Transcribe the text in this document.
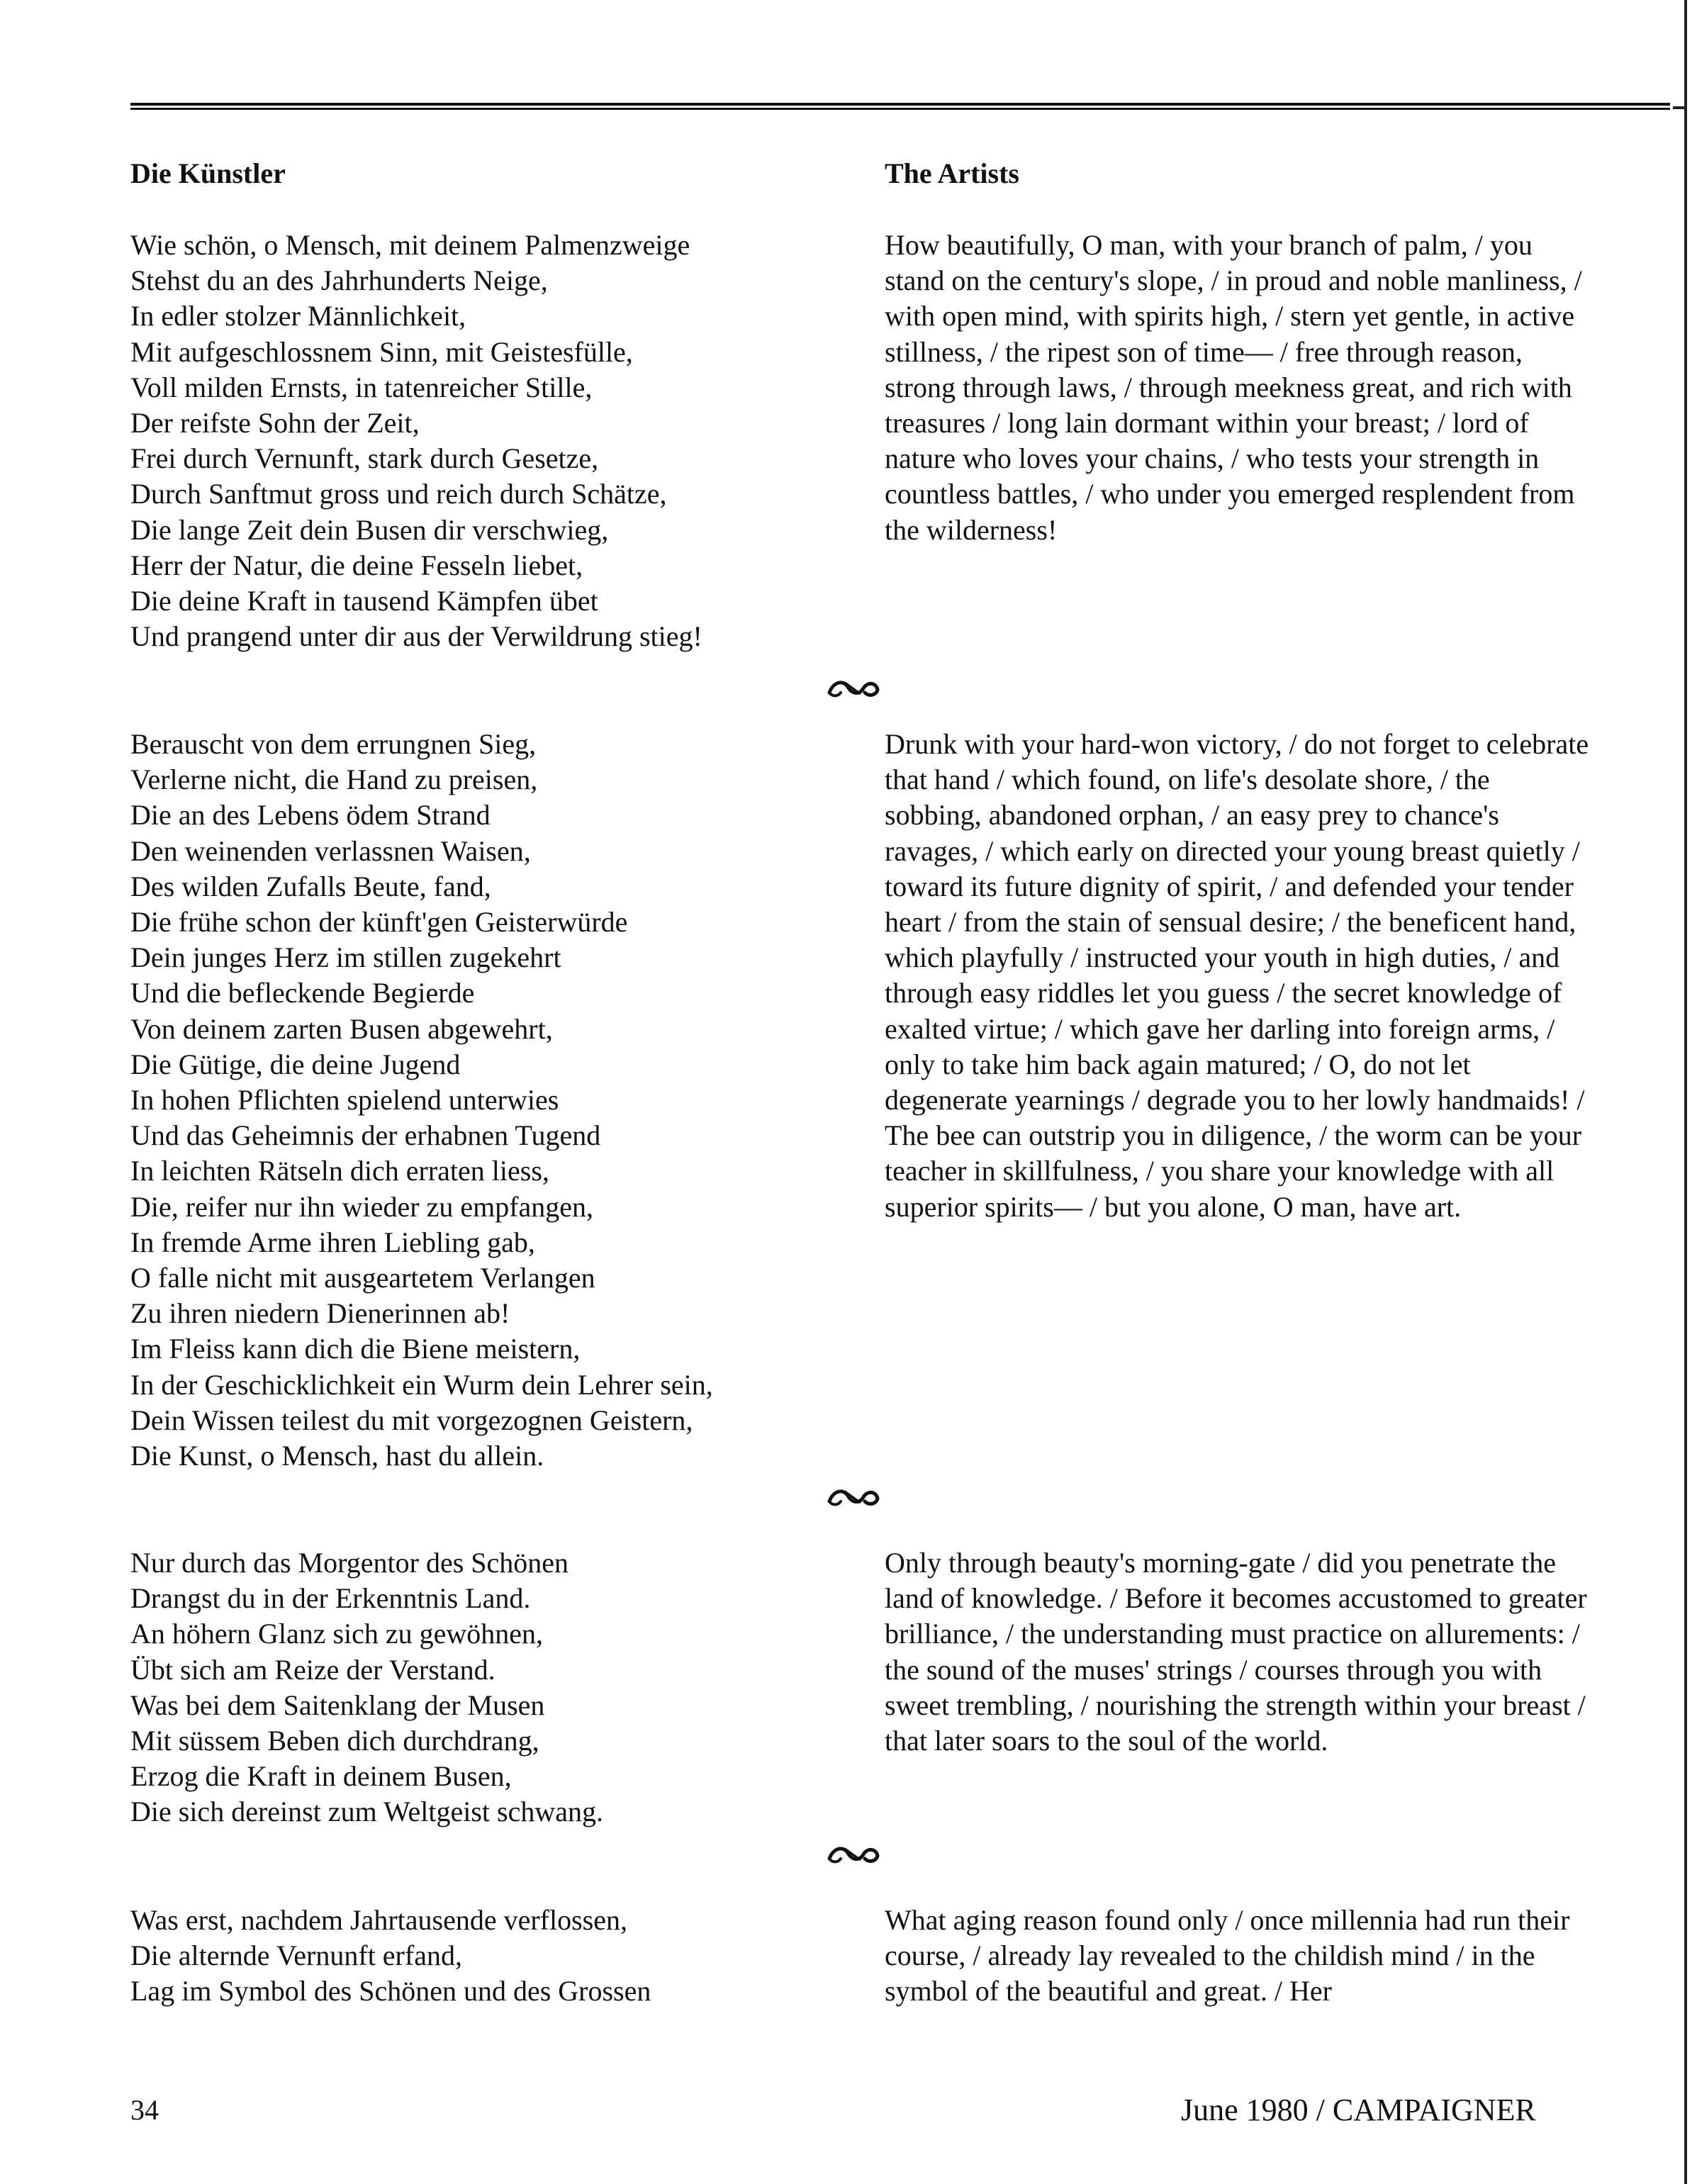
Die Künstler	The Artists
Wie schön, o Mensch, mit deinem Palmenzweige
Stehst du an des Jahrhunderts Neige,
In edler stolzer Männlichkeit,
Mit aufgeschlossnem Sinn, mit Geistesfülle,
Voll milden Ernsts, in tatenreicher Stille,
Der reifste Sohn der Zeit,
Frei durch Vernunft, stark durch Gesetze,
Durch Sanftmut gross und reich durch Schätze,
Die lange Zeit dein Busen dir verschwieg,
Herr der Natur, die deine Fesseln liebet,
Die deine Kraft in tausend Kämpfen übet
Und prangend unter dir aus der Verwildrung stieg!
Berauscht von dem errungnen Sieg,
Verlerne nicht, die Hand zu preisen,
Die an des Lebens ödem Strand
Den weinenden verlassnen Waisen,
Des wilden Zufalls Beute, fand,
Die frühe schon der künft'gen Geisterwürde
Dein junges Herz im stillen zugekehrt
Und die befleckende Begierde
Von deinem zarten Busen abgewehrt,
Die Gütige, die deine Jugend
In hohen Pflichten spielend unterwies
Und das Geheimnis der erhabnen Tugend
In leichten Rätseln dich erraten liess,
Die, reifer nur ihn wieder zu empfangen,
In fremde Arme ihren Liebling gab,
O falle nicht mit ausgeartetem Verlangen
Zu ihren niedern Dienerinnen ab!
Im Fleiss kann dich die Biene meistern,
In der Geschicklichkeit ein Wurm dein Lehrer sein,
Dein Wissen teilest du mit vorgezognen Geistern,
Die Kunst, o Mensch, hast du allein.
Nur durch das Morgentor des Schönen
Drangst du in der Erkenntnis Land.
An höhern Glanz sich zu gewöhnen,
Übt sich am Reize der Verstand.
Was bei dem Saitenklang der Musen
Mit süssem Beben dich durchdrang,
Erzog die Kraft in deinem Busen,
Die sich dereinst zum Weltgeist schwang.
Was erst, nachdem Jahrtausende verflossen,
Die alternde Vernunft erfand,
Lag im Symbol des Schönen und des Grossen

How beautifully, O man, with your branch of palm, / you stand on the century's slope, / in proud and noble manliness, / with open mind, with spirits high, / stern yet gentle, in active stillness, / the ripest son of time— / free through reason, strong through laws, / through meekness great, and rich with treasures / long lain dormant within your breast; / lord of nature who loves your chains, / who tests your strength in countless battles, / who under you emerged resplendent from the wilderness!

Drunk with your hard-won victory, / do not forget to celebrate that hand / which found, on life's desolate shore, / the sobbing, abandoned orphan, / an easy prey to chance's ravages, / which early on directed your young breast quietly / toward its future dignity of spirit, / and defended your tender heart / from the stain of sensual desire; / the beneficent hand, which playfully / instructed your youth in high duties, / and through easy riddles let you guess / the secret knowledge of exalted virtue; / which gave her darling into foreign arms, / only to take him back again matured; / O, do not let degenerate yearnings / degrade you to her lowly handmaids! / The bee can outstrip you in diligence, / the worm can be your teacher in skillfulness, / you share your knowledge with all superior spirits— / but you alone, O man, have art.

Only through beauty's morning-gate / did you penetrate the land of knowledge. / Before it becomes accustomed to greater brilliance, / the understanding must practice on allurements: / the sound of the muses' strings / courses through you with sweet trembling, / nourishing the strength within your breast / that later soars to the soul of the world.

What aging reason found only / once millennia had run their course, / already lay revealed to the childish mind / in the symbol of the beautiful and great. / Her

34	June 1980 / CAMPAIGNER
